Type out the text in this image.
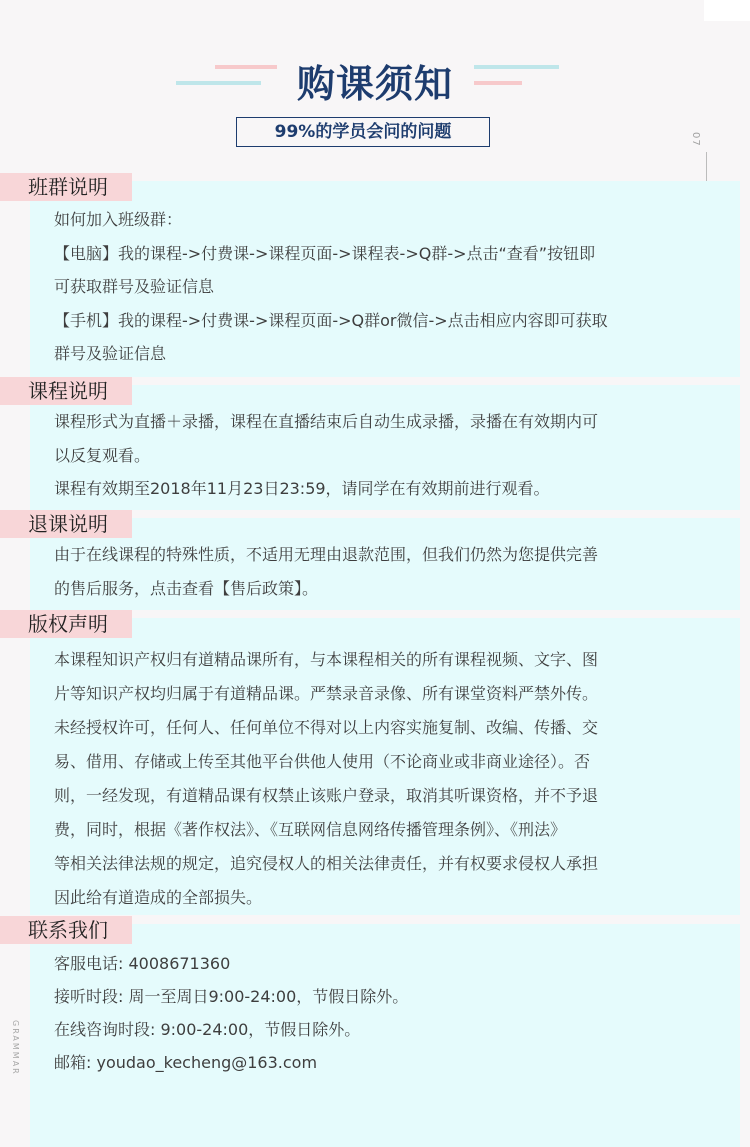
购课须知
99%的学员会问的问题	07
GRAMMAR
班群说明

如何加入班级群：

【电脑】我的课程->付费课->课程页面->课程表->Q群->点击“查看”按钮即

可获取群号及验证信息

【手机】我的课程->付费课->课程页面->Q群or微信->点击相应内容即可获取

群号及验证信息

课程说明

课程形式为直播＋录播，课程在直播结束后自动生成录播，录播在有效期内可

以反复观看。

课程有效期至2018年11月23日23:59，请同学在有效期前进行观看。

退课说明

由于在线课程的特殊性质，不适用无理由退款范围，但我们仍然为您提供完善

的售后服务，点击查看【售后政策】。

版权声明

本课程知识产权归有道精品课所有，与本课程相关的所有课程视频、文字、图

片等知识产权均归属于有道精品课。严禁录音录像、所有课堂资料严禁外传。

未经授权许可，任何人、任何单位不得对以上内容实施复制、改编、传播、交

易、借用、存储或上传至其他平台供他人使用（不论商业或非商业途径）。否

则，一经发现，有道精品课有权禁止该账户登录，取消其听课资格，并不予退

费，同时，根据《著作权法》、《互联网信息网络传播管理条例》、《刑法》

等相关法律法规的规定，追究侵权人的相关法律责任，并有权要求侵权人承担

因此给有道造成的全部损失。

联系我们

客服电话: 4008671360

接听时段: 周一至周日9:00-24:00，节假日除外。

在线咨询时段: 9:00-24:00，节假日除外。

邮箱: youdao_kecheng@163.com
